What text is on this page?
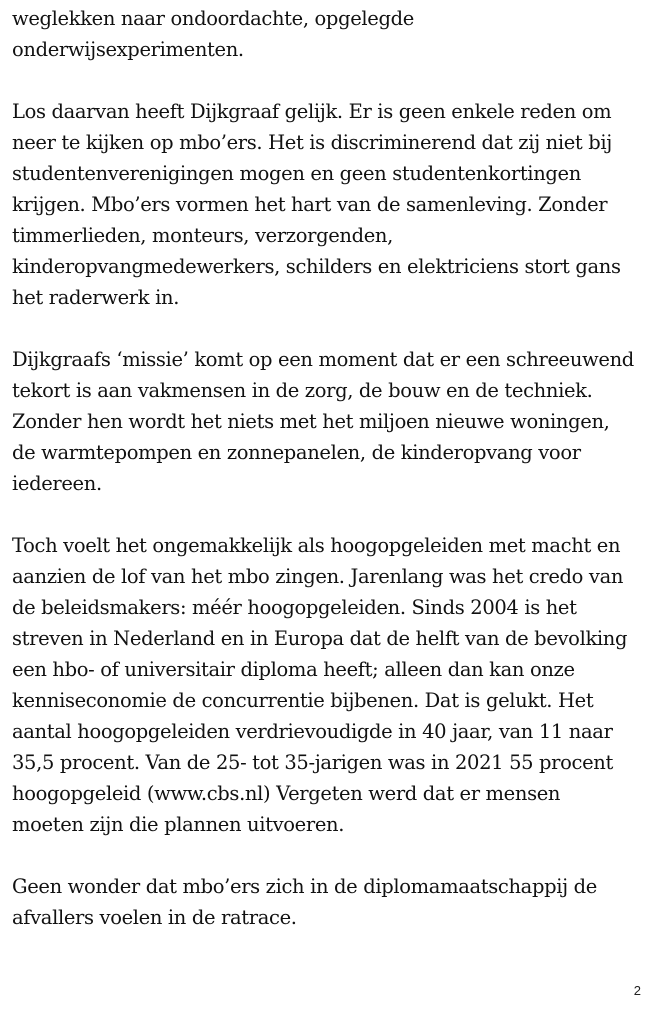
weglekken naar ondoordachte, opgelegde
onderwijsexperimenten.

Los daarvan heeft Dijkgraaf gelijk. Er is geen enkele reden om
neer te kijken op mbo’ers. Het is discriminerend dat zij niet bij
studentenverenigingen mogen en geen studentenkortingen
krijgen. Mbo’ers vormen het hart van de samenleving. Zonder
timmerlieden, monteurs, verzorgenden,
kinderopvangmedewerkers, schilders en elektriciens stort gans
het raderwerk in.

Dijkgraafs ‘missie’ komt op een moment dat er een schreeuwend
tekort is aan vakmensen in de zorg, de bouw en de techniek.
Zonder hen wordt het niets met het miljoen nieuwe woningen,
de warmtepompen en zonnepanelen, de kinderopvang voor
iedereen.

Toch voelt het ongemakkelijk als hoogopgeleiden met macht en
aanzien de lof van het mbo zingen. Jarenlang was het credo van
de beleidsmakers: méér hoogopgeleiden. Sinds 2004 is het
streven in Nederland en in Europa dat de helft van de bevolking
een hbo- of universitair diploma heeft; alleen dan kan onze
kenniseconomie de concurrentie bijbenen. Dat is gelukt. Het
aantal hoogopgeleiden verdrievoudigde in 40 jaar, van 11 naar
35,5 procent. Van de 25- tot 35-jarigen was in 2021 55 procent
hoogopgeleid (www.cbs.nl) Vergeten werd dat er mensen
moeten zijn die plannen uitvoeren.

Geen wonder dat mbo’ers zich in de diplomamaatschappij de
afvallers voelen in de ratrace.

2
